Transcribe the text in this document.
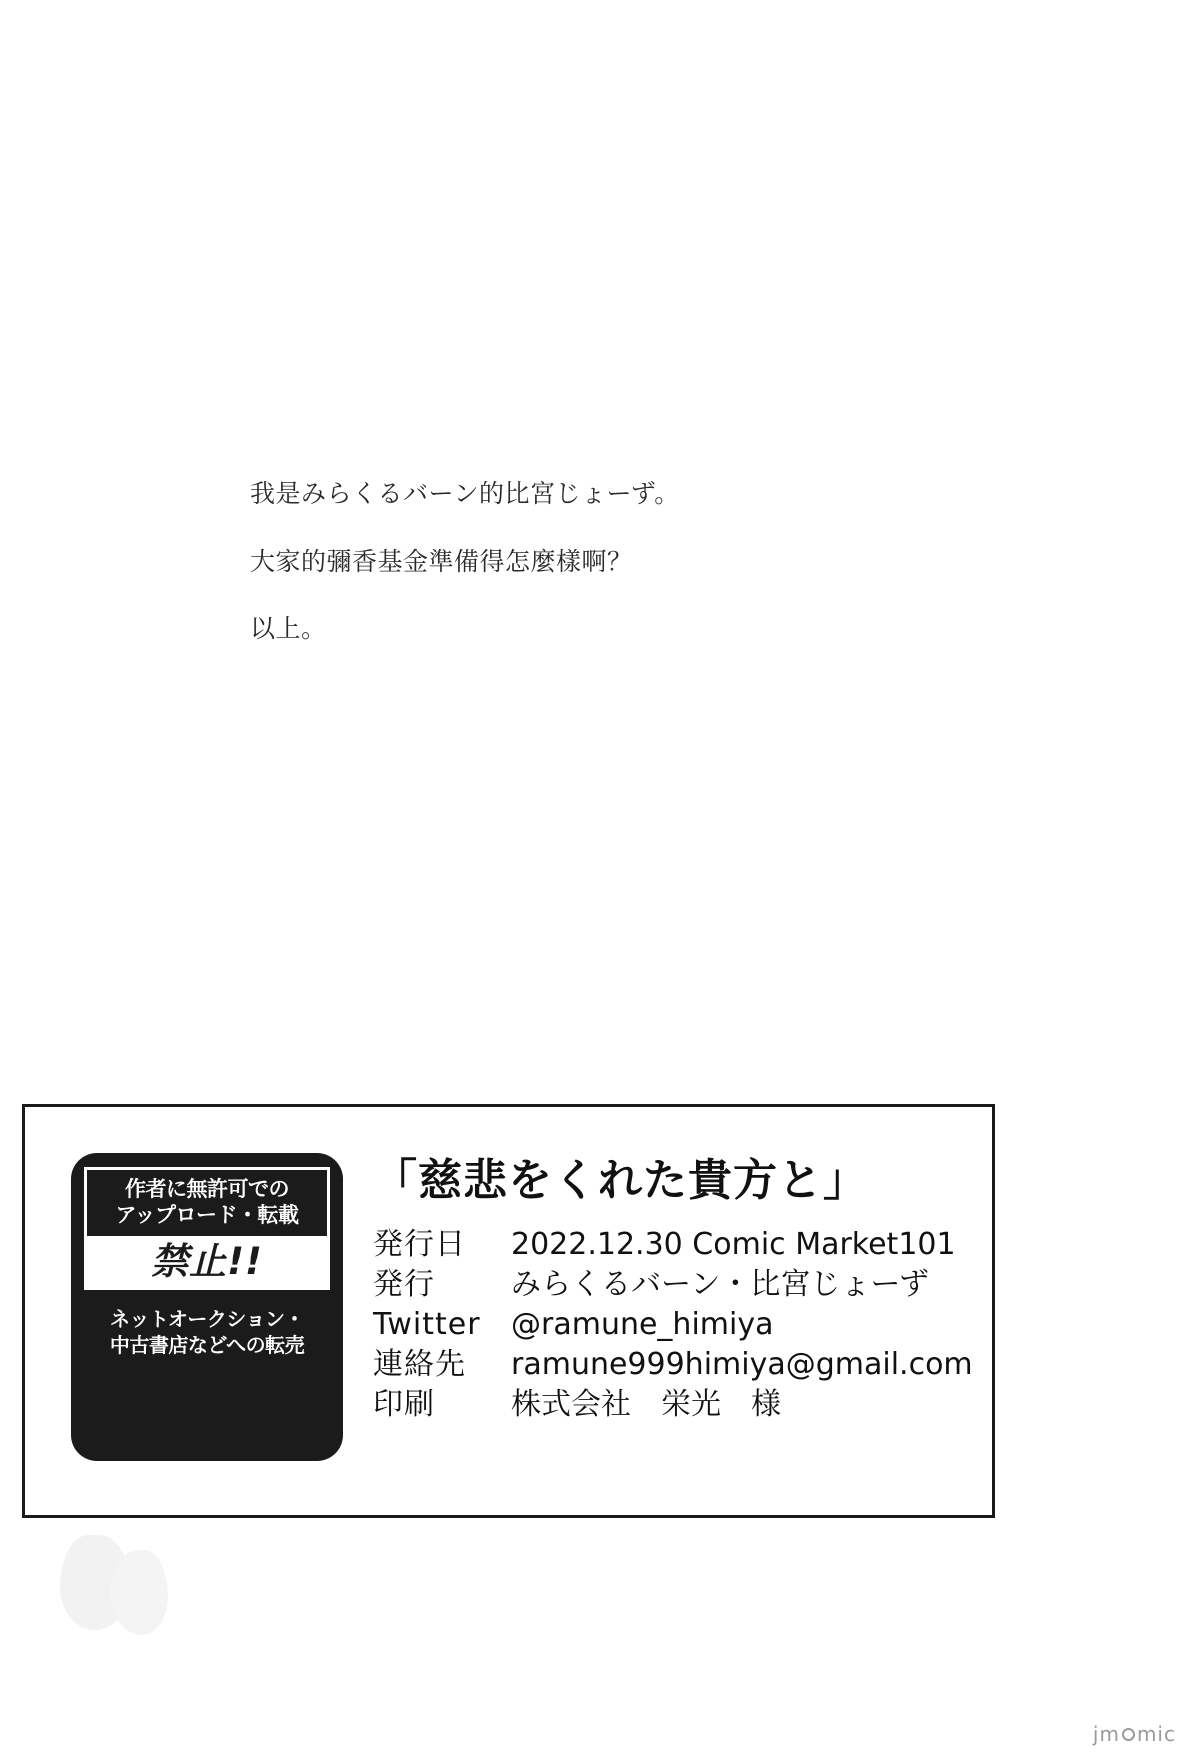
我是みらくるバーン的比宮じょーず。

大家的彌香基金準備得怎麼樣啊？

以上。

作者に無許可での
アップロード・転載
禁止!!
ネットオークション・
中古書店などへの転売
「慈悲をくれた貴方と」
発行日	2022.12.30 Comic Market101
発行	みらくるバーン・比宮じょーず
Twitter	@ramune_himiya
連絡先	ramune999himiya@gmail.com
印刷	株式会社　栄光　様
jm mic
